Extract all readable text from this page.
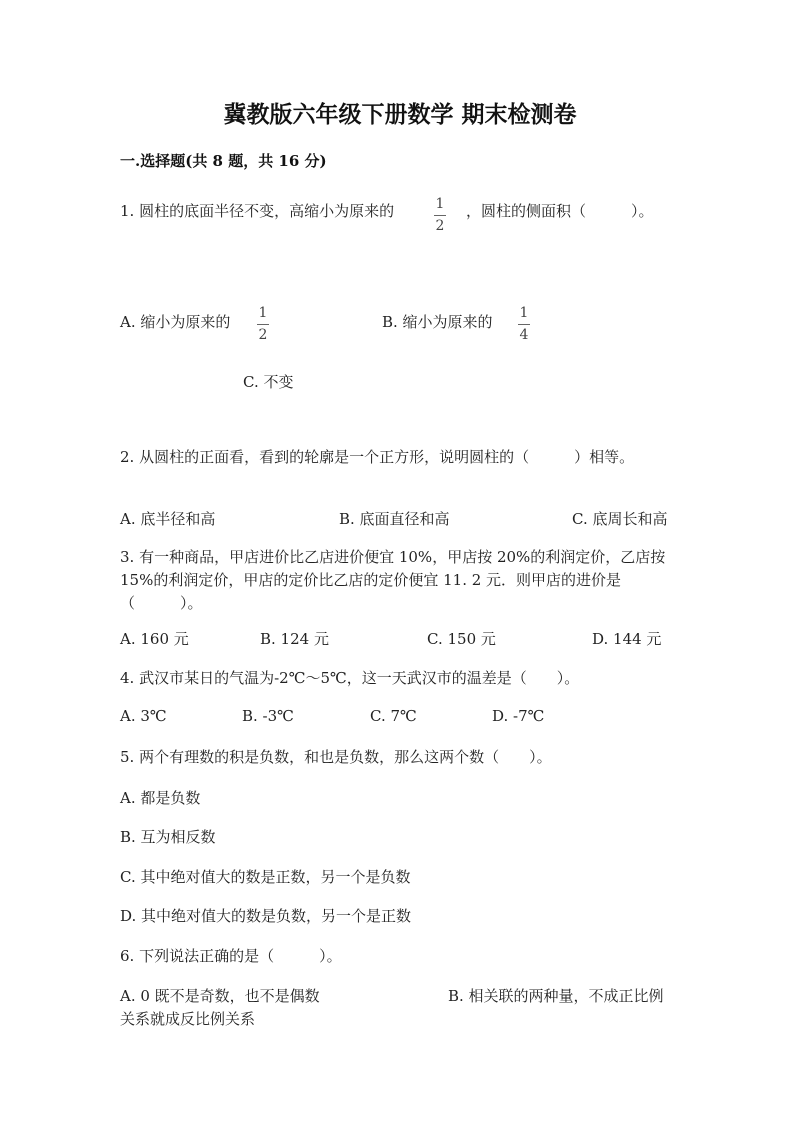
冀教版六年级下册数学 期末检测卷
一.选择题(共 8 题，共 16 分)
1. 圆柱的底面半径不变，高缩小为原来的	1
2
，圆柱的侧面积（　　　）。
A. 缩小为原来的 1
2
B. 缩小为原来的 1
4
C. 不变
2. 从圆柱的正面看，看到的轮廓是一个正方形，说明圆柱的（　　　）相等。
A. 底半径和高	B. 底面直径和高	C. 底周长和高
3. 有一种商品，甲店进价比乙店进价便宜 10%，甲店按 20%的利润定价，乙店按
15%的利润定价，甲店的定价比乙店的定价便宜 11. 2 元．则甲店的进价是
（　　　）。
A. 160 元	B. 124 元	C. 150 元	D. 144 元
4. 武汉市某日的气温为-2℃～5℃，这一天武汉市的温差是（　　）。
A. 3℃	B. -3℃	C. 7℃	D. -7℃
5. 两个有理数的积是负数，和也是负数，那么这两个数（　　）。
A. 都是负数
B. 互为相反数
C. 其中绝对值大的数是正数，另一个是负数
D. 其中绝对值大的数是负数，另一个是正数
6. 下列说法正确的是（　　　）。
A. 0 既不是奇数，也不是偶数	B. 相关联的两种量，不成正比例
关系就成反比例关系
